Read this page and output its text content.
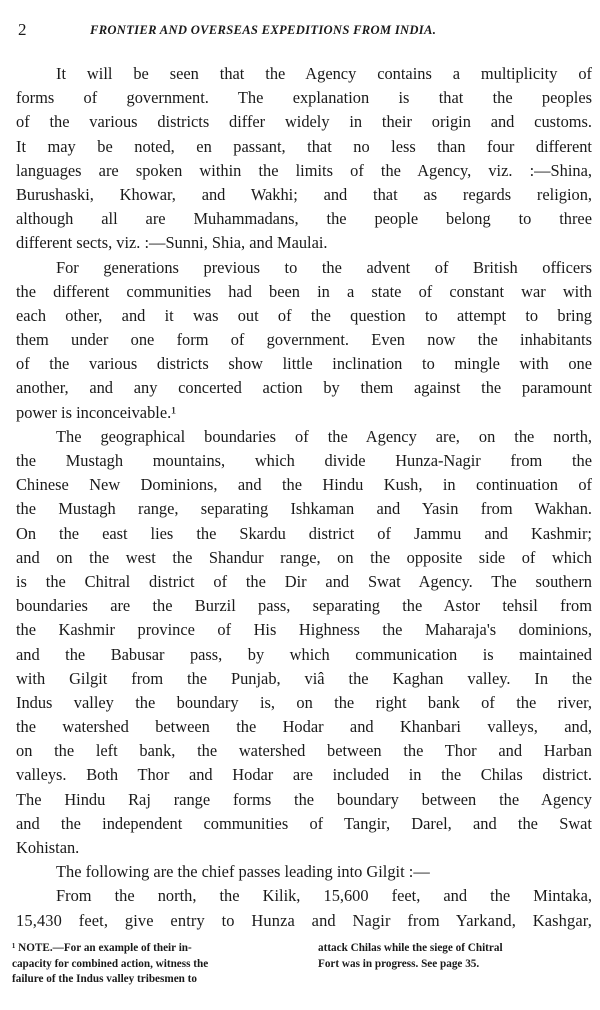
2	FRONTIER AND OVERSEAS EXPEDITIONS FROM INDIA.
It will be seen that the Agency contains a multiplicity of
forms of government. The explanation is that the peoples
of the various districts differ widely in their origin and customs.
It may be noted, en passant, that no less than four different
languages are spoken within the limits of the Agency, viz. :—Shina,
Burushaski, Khowar, and Wakhi; and that as regards religion,
although all are Muhammadans, the people belong to three
different sects, viz. :—Sunni, Shia, and Maulai.
For generations previous to the advent of British officers
the different communities had been in a state of constant war with
each other, and it was out of the question to attempt to bring
them under one form of government. Even now the inhabitants
of the various districts show little inclination to mingle with one
another, and any concerted action by them against the paramount
power is inconceivable.¹
The geographical boundaries of the Agency are, on the north,
the Mustagh mountains, which divide Hunza-Nagir from the
Chinese New Dominions, and the Hindu Kush, in continuation of
the Mustagh range, separating Ishkaman and Yasin from Wakhan.
On the east lies the Skardu district of Jammu and Kashmir;
and on the west the Shandur range, on the opposite side of which
is the Chitral district of the Dir and Swat Agency. The southern
boundaries are the Burzil pass, separating the Astor tehsil from
the Kashmir province of His Highness the Maharaja's dominions,
and the Babusar pass, by which communication is maintained
with Gilgit from the Punjab, viâ the Kaghan valley. In the
Indus valley the boundary is, on the right bank of the river,
the watershed between the Hodar and Khanbari valleys, and,
on the left bank, the watershed between the Thor and Harban
valleys. Both Thor and Hodar are included in the Chilas district.
The Hindu Raj range forms the boundary between the Agency
and the independent communities of Tangir, Darel, and the Swat
Kohistan.
The following are the chief passes leading into Gilgit :—
From the north, the Kilik, 15,600 feet, and the Mintaka,
15,430 feet, give entry to Hunza and Nagir from Yarkand, Kashgar,
¹ NOTE.—For an example of their in-
capacity for combined action, witness the
failure of the Indus valley tribesmen to
attack Chilas while the siege of Chitral
Fort was in progress. See page 35.
